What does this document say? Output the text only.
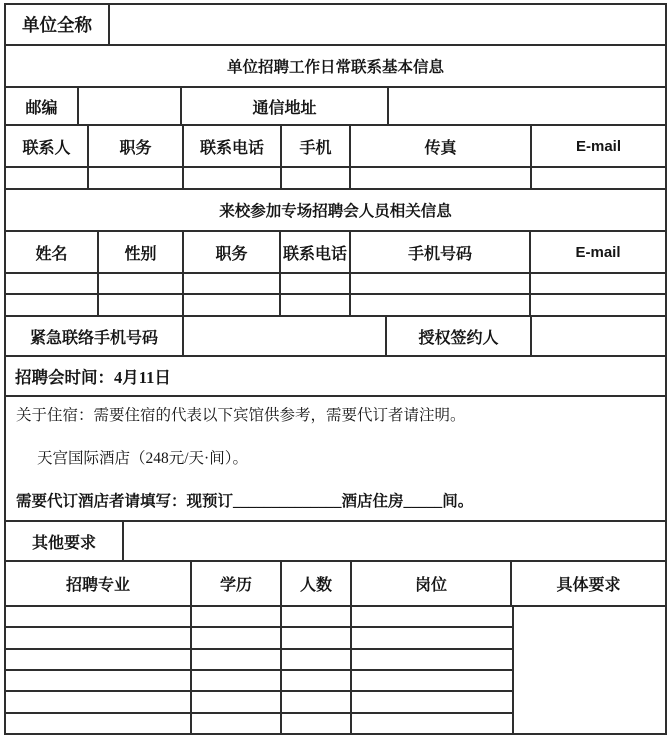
单位全称
单位招聘工作日常联系基本信息
邮编	通信地址
联系人	职务	联系电话	手机	传真	E-mail
来校参加专场招聘会人员相关信息
姓名	性别	职务	联系电话	手机号码	E-mail
紧急联络手机号码	授权签约人
招聘会时间：4月11日
关于住宿：需要住宿的代表以下宾馆供参考，需要代订者请注明。
天宫国际酒店（248元/天·间）。
需要代订酒店者请填写：现预订______________酒店住房_____间。
其他要求
招聘专业	学历	人数	岗位	具体要求
